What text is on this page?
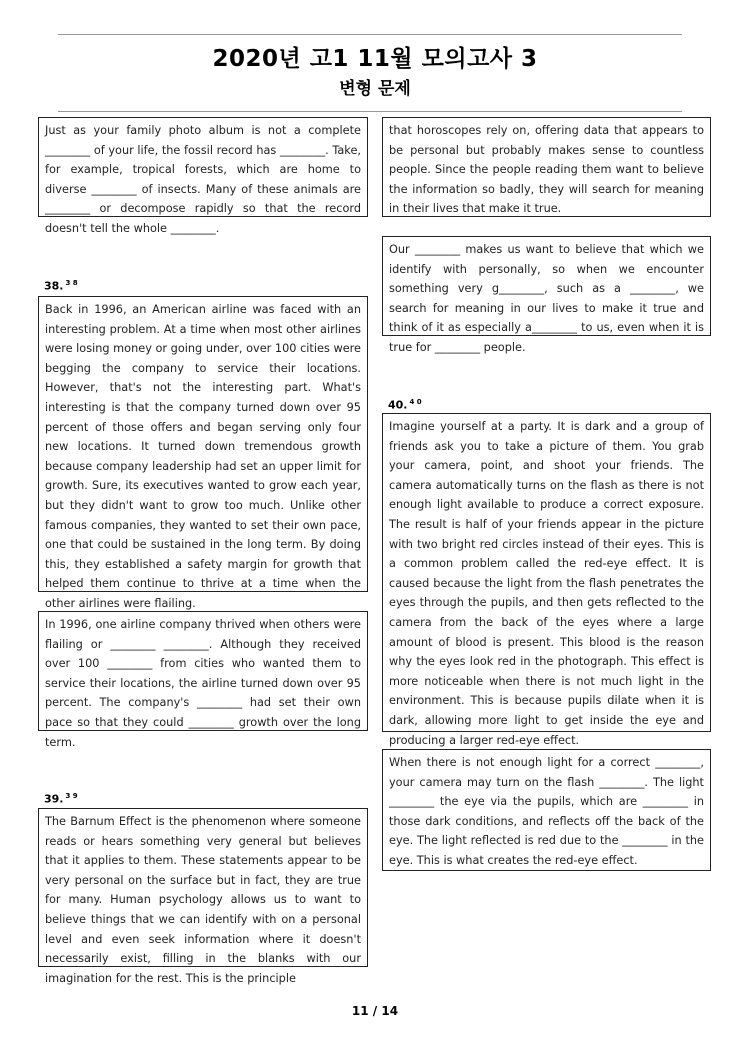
2020년 고1 11월 모의고사 3
변형 문제
Just as your family photo album is not a complete ________ of your life, the fossil record has ________. Take, for example, tropical forests, which are home to diverse ________ of insects. Many of these animals are ________ or decompose rapidly so that the record doesn't tell the whole ________.
38. $^{3 8}$
Back in 1996, an American airline was faced with an interesting problem. At a time when most other airlines were losing money or going under, over 100 cities were begging the company to service their locations. However, that's not the interesting part. What's interesting is that the company turned down over 95 percent of those offers and began serving only four new locations. It turned down tremendous growth because company leadership had set an upper limit for growth. Sure, its executives wanted to grow each year, but they didn't want to grow too much. Unlike other famous companies, they wanted to set their own pace, one that could be sustained in the long term. By doing this, they established a safety margin for growth that helped them continue to thrive at a time when the other airlines were flailing.
In 1996, one airline company thrived when others were flailing or ________ ________. Although they received over 100 ________ from cities who wanted them to service their locations, the airline turned down over 95 percent. The company's ________ had set their own pace so that they could ________ growth over the long term.
39. $^{3 9}$
The Barnum Effect is the phenomenon where someone reads or hears something very general but believes that it applies to them. These statements appear to be very personal on the surface but in fact, they are true for many. Human psychology allows us to want to believe things that we can identify with on a personal level and even seek information where it doesn't necessarily exist, filling in the blanks with our imagination for the rest. This is the principle
that horoscopes rely on, offering data that appears to be personal but probably makes sense to countless people. Since the people reading them want to believe the information so badly, they will search for meaning in their lives that make it true.
Our ________ makes us want to believe that which we identify with personally, so when we encounter something very g________, such as a ________, we search for meaning in our lives to make it true and think of it as especially a________ to us, even when it is true for ________ people.
40. $^{4 0}$
Imagine yourself at a party. It is dark and a group of friends ask you to take a picture of them. You grab your camera, point, and shoot your friends. The camera automatically turns on the flash as there is not enough light available to produce a correct exposure. The result is half of your friends appear in the picture with two bright red circles instead of their eyes. This is a common problem called the red-eye effect. It is caused because the light from the flash penetrates the eyes through the pupils, and then gets reflected to the camera from the back of the eyes where a large amount of blood is present. This blood is the reason why the eyes look red in the photograph. This effect is more noticeable when there is not much light in the environment. This is because pupils dilate when it is dark, allowing more light to get inside the eye and producing a larger red-eye effect.
When there is not enough light for a correct ________, your camera may turn on the flash ________. The light ________ the eye via the pupils, which are ________ in those dark conditions, and reflects off the back of the eye. The light reflected is red due to the ________ in the eye. This is what creates the red-eye effect.
11 / 14
